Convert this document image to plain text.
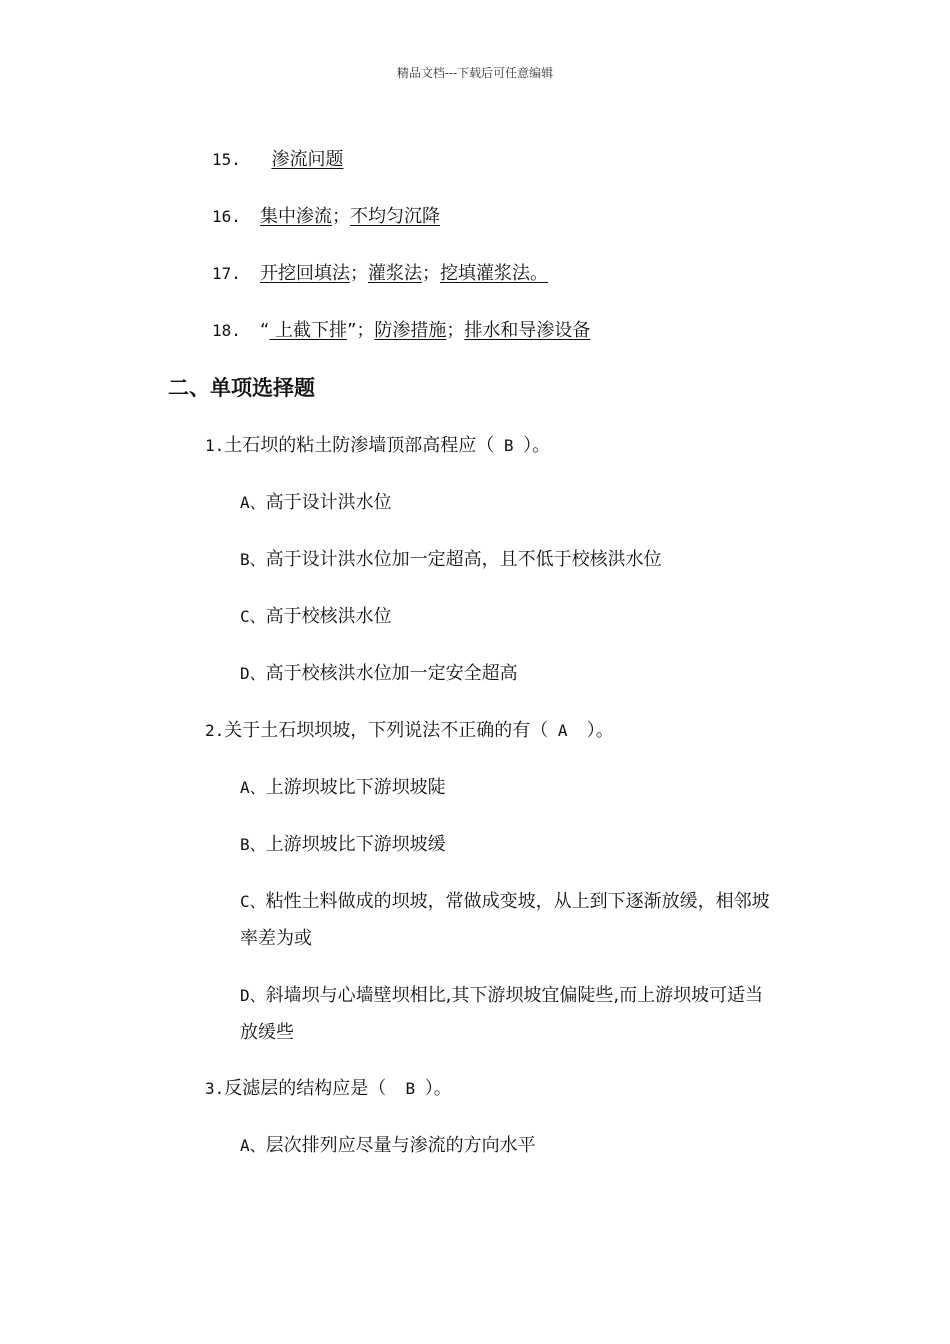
精品文档---下载后可任意编辑
15. 渗流问题
16. 集中渗流；不均匀沉降
17. 开挖回填法；灌浆法；挖填灌浆法。
18. “ 上截下排”；防渗措施；排水和导渗设备
二、单项选择题
1.土石坝的粘土防渗墙顶部高程应（ B ）。
A、高于设计洪水位
B、高于设计洪水位加一定超高，且不低于校核洪水位
C、高于校核洪水位
D、高于校核洪水位加一定安全超高
2.关于土石坝坝坡，下列说法不正确的有（ A  ）。
A、上游坝坡比下游坝坡陡
B、上游坝坡比下游坝坡缓
C、粘性土料做成的坝坡，常做成变坡，从上到下逐渐放缓，相邻坡率差为或
D、斜墙坝与心墙壁坝相比,其下游坝坡宜偏陡些,而上游坝坡可适当放缓些
3.反滤层的结构应是（  B ）。
A、层次排列应尽量与渗流的方向水平
